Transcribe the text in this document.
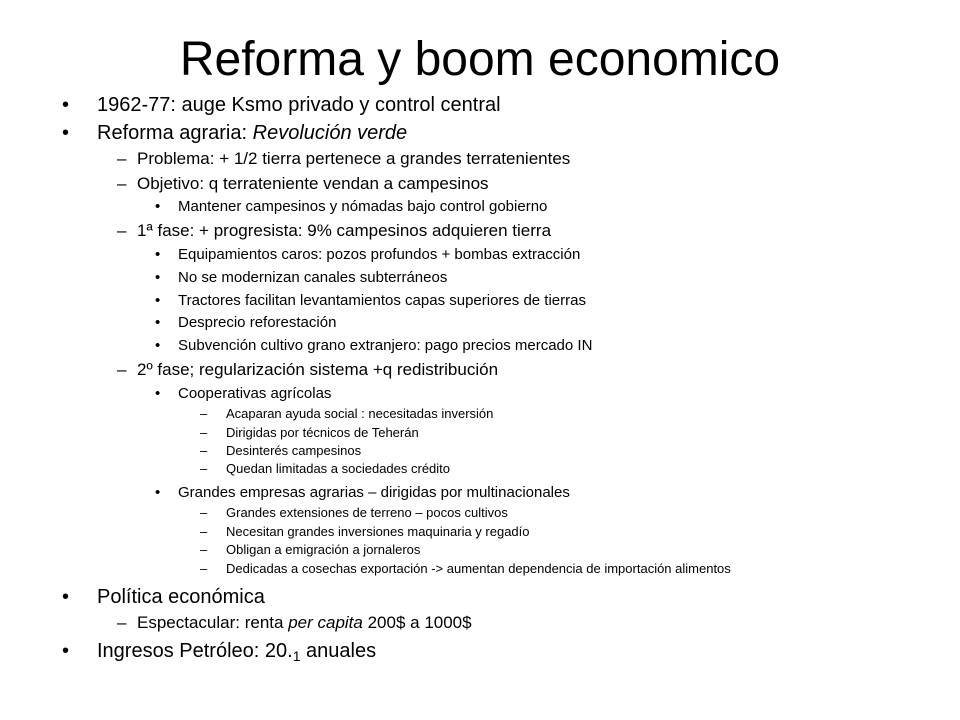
Reforma y boom economico
• 1962-77: auge Ksmo privado y control central
• Reforma agraria: Revolución verde
– Problema: + 1/2 tierra pertenece a grandes terratenientes
– Objetivo: q terrateniente vendan a campesinos
• Mantener campesinos y nómadas bajo control gobierno
– 1ª fase: + progresista: 9% campesinos adquieren tierra
• Equipamientos caros: pozos profundos + bombas extracción
• No se modernizan canales subterráneos
• Tractores facilitan levantamientos capas superiores de tierras
• Desprecio reforestación
• Subvención cultivo grano extranjero: pago precios mercado IN
– 2º fase; regularización sistema +q redistribución
• Cooperativas agrícolas
– Acaparan ayuda social : necesitadas inversión
– Dirigidas por técnicos de Teherán
– Desinterés campesinos
– Quedan limitadas a sociedades crédito
• Grandes empresas agrarias – dirigidas por multinacionales
– Grandes extensiones de terreno – pocos cultivos
– Necesitan grandes inversiones maquinaria y regadío
– Obligan a emigración a jornaleros
– Dedicadas a cosechas exportación -> aumentan dependencia de importación alimentos
• Política económica
– Espectacular: renta per capita 200$ a 1000$
• Ingresos Petróleo: $20._1$ anuales
